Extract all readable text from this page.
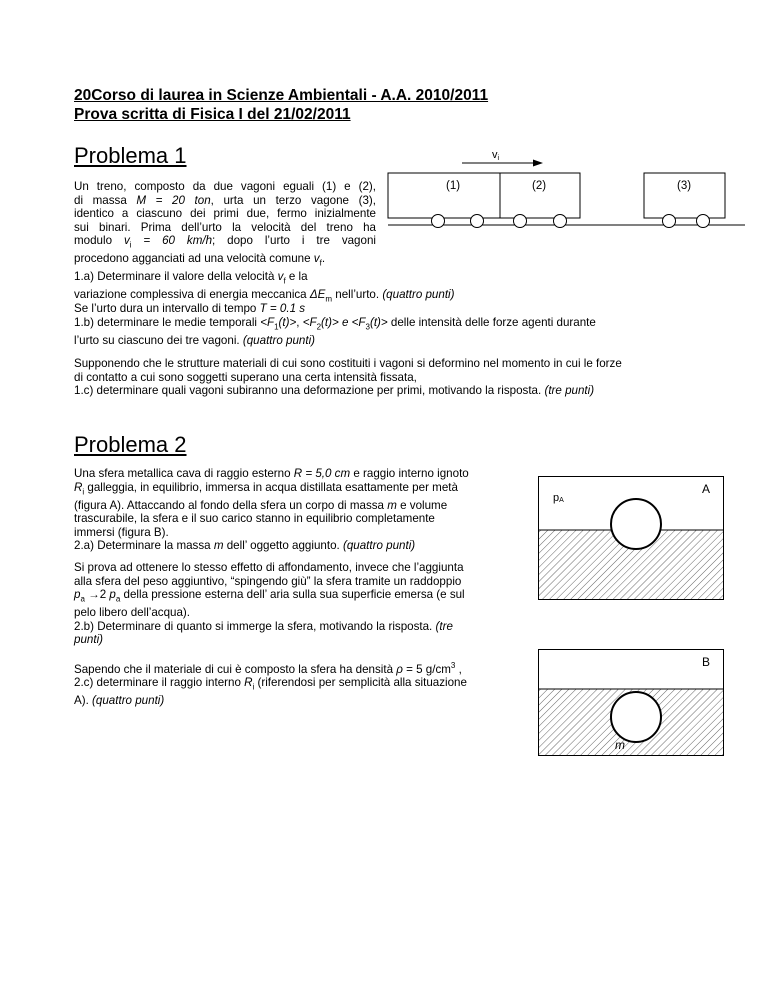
20Corso di laurea in Scienze Ambientali - A.A. 2010/2011
Prova scritta di Fisica I del 21/02/2011
Problema 1
Un treno, composto da due vagoni eguali (1) e (2),
di massa M = 20 ton, urta un terzo vagone (3),
identico a ciascuno dei primi due, fermo inizialmente
sui binari. Prima dell’urto la velocità del treno ha
modulo $v_i = 60$ km/h; dopo l’urto i tre vagoni
procedono agganciati ad una velocità comune $v_f$.
1.a) Determinare il valore della velocità $v_f$ e la
variazione complessiva di energia meccanica $\Delta E_m$ nell’urto. (quattro punti)
vi
(1)	(2)	(3)
Se l’urto dura un intervallo di tempo T = 0.1 s
1.b) determinare le medie temporali $<F_1(t)>$, $<F_2(t)> e <F_3(t)>$ delle intensità delle forze agenti durante
l’urto su ciascuno dei tre vagoni. (quattro punti)
Supponendo che le strutture materiali di cui sono costituiti i vagoni si deformino nel momento in cui le forze
di contatto a cui sono soggetti superano una certa intensità fissata,
1.c) determinare quali vagoni subiranno una deformazione per primi, motivando la risposta. (tre punti)
Problema 2
Una sfera metallica cava di raggio esterno R = 5,0 cm e raggio interno ignoto
$R_i$ galleggia, in equilibrio, immersa in acqua distillata esattamente per metà
(figura A). Attaccando al fondo della sfera un corpo di massa m e volume
trascurabile, la sfera e il suo carico stanno in equilibrio completamente
immersi (figura B).
2.a) Determinare la massa m dell’ oggetto aggiunto. (quattro punti)
Si prova ad ottenere lo stesso effetto di affondamento, invece che l’aggiunta
alla sfera del peso aggiuntivo, “spingendo giù” la sfera tramite un raddoppio
$p_a \to 2$ $p_a$ della pressione esterna dell’ aria sulla sua superficie emersa (e sul
pelo libero dell’acqua).
2.b) Determinare di quanto si immerge la sfera, motivando la risposta. (tre
punti)
Sapendo che il materiale di cui è composto la sfera ha densità ρ = 5 $g/cm^3$ ,
2.c) determinare il raggio interno $R_i$ (riferendosi per semplicità alla situazione
A). (quattro punti)
A
pA
B
m
